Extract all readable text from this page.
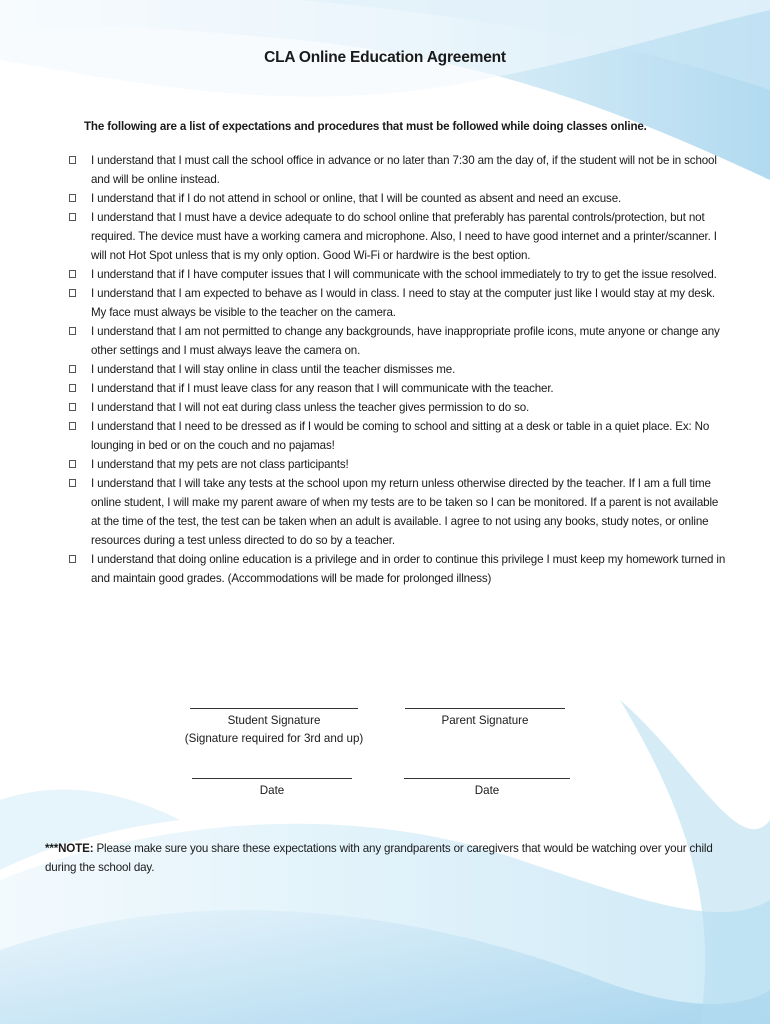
CLA Online Education Agreement
The following are a list of expectations and procedures that must be followed while doing classes online.
I understand that I must call the school office in advance or no later than 7:30 am the day of, if the student will not be in school and will be online instead.
I understand that if I do not attend in school or online, that I will be counted as absent and need an excuse.
I understand that I must have a device adequate to do school online that preferably has parental controls/protection, but not required. The device must have a working camera and microphone. Also, I need to have good internet and a printer/scanner. I will not Hot Spot unless that is my only option. Good Wi-Fi or hardwire is the best option.
I understand that if I have computer issues that I will communicate with the school immediately to try to get the issue resolved.
I understand that I am expected to behave as I would in class. I need to stay at the computer just like I would stay at my desk. My face must always be visible to the teacher on the camera.
I understand that I am not permitted to change any backgrounds, have inappropriate profile icons, mute anyone or change any other settings and I must always leave the camera on.
I understand that I will stay online in class until the teacher dismisses me.
I understand that if I must leave class for any reason that I will communicate with the teacher.
I understand that I will not eat during class unless the teacher gives permission to do so.
I understand that I need to be dressed as if I would be coming to school and sitting at a desk or table in a quiet place. Ex: No lounging in bed or on the couch and no pajamas!
I understand that my pets are not class participants!
I understand that I will take any tests at the school upon my return unless otherwise directed by the teacher. If I am a full time online student, I will make my parent aware of when my tests are to be taken so I can be monitored. If a parent is not available at the time of the test, the test can be taken when an adult is available. I agree to not using any books, study notes, or online resources during a test unless directed to do so by a teacher.
I understand that doing online education is a privilege and in order to continue this privilege I must keep my homework turned in and maintain good grades. (Accommodations will be made for prolonged illness)
Student Signature
(Signature required for 3rd and up)
Parent Signature
Date	Date
***NOTE: Please make sure you share these expectations with any grandparents or caregivers that would be watching over your child during the school day.
